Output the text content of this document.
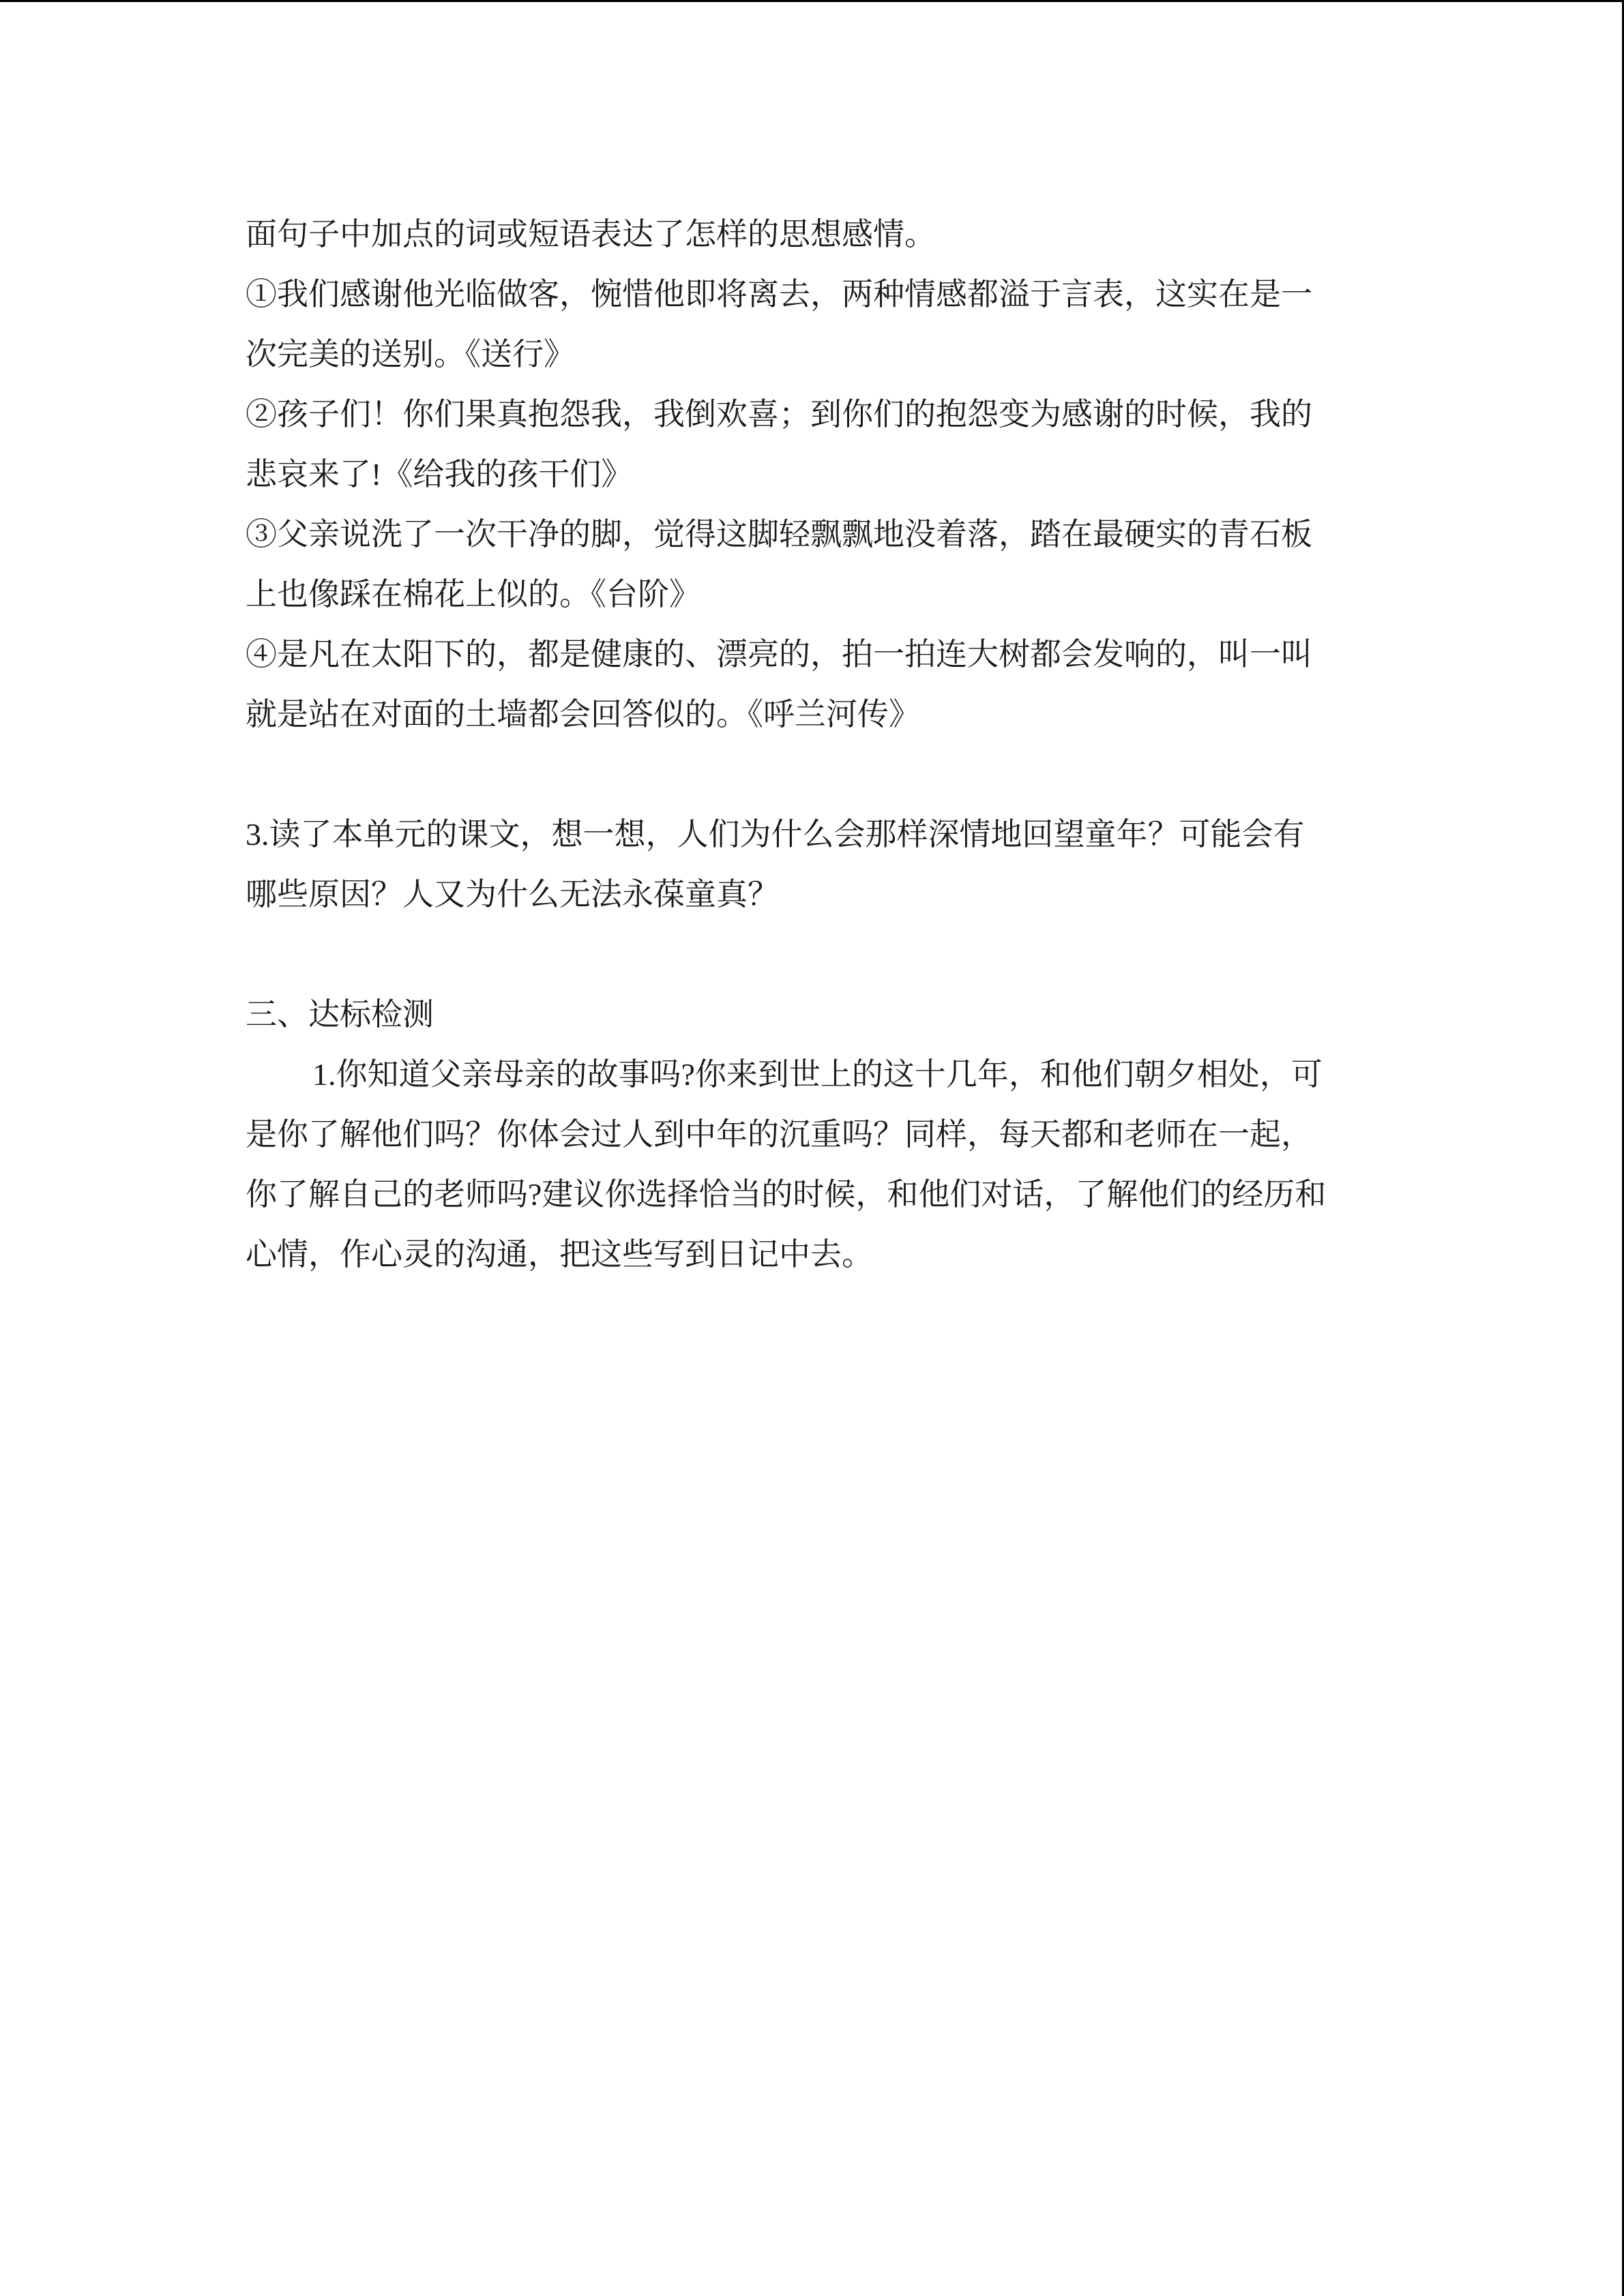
面句子中加点的词或短语表达了怎样的思想感情。
①我们感谢他光临做客，惋惜他即将离去，两种情感都溢于言表，这实在是一
次完美的送别。《送行》
②孩子们！你们果真抱怨我，我倒欢喜；到你们的抱怨变为感谢的时候，我的
悲哀来了!《给我的孩干们》
③父亲说洗了一次干净的脚，觉得这脚轻飘飘地没着落，踏在最硬实的青石板
上也像踩在棉花上似的。《台阶》
④是凡在太阳下的，都是健康的、漂亮的，拍一拍连大树都会发响的，叫一叫
就是站在对面的土墙都会回答似的。《呼兰河传》
3.读了本单元的课文，想一想，人们为什么会那样深情地回望童年？可能会有
哪些原因？人又为什么无法永葆童真？
三、达标检测
1.你知道父亲母亲的故事吗?你来到世上的这十几年，和他们朝夕相处，可
是你了解他们吗？你体会过人到中年的沉重吗？同样，每天都和老师在一起，
你了解自己的老师吗?建议你选择恰当的时候，和他们对话，了解他们的经历和
心情，作心灵的沟通，把这些写到日记中去。
